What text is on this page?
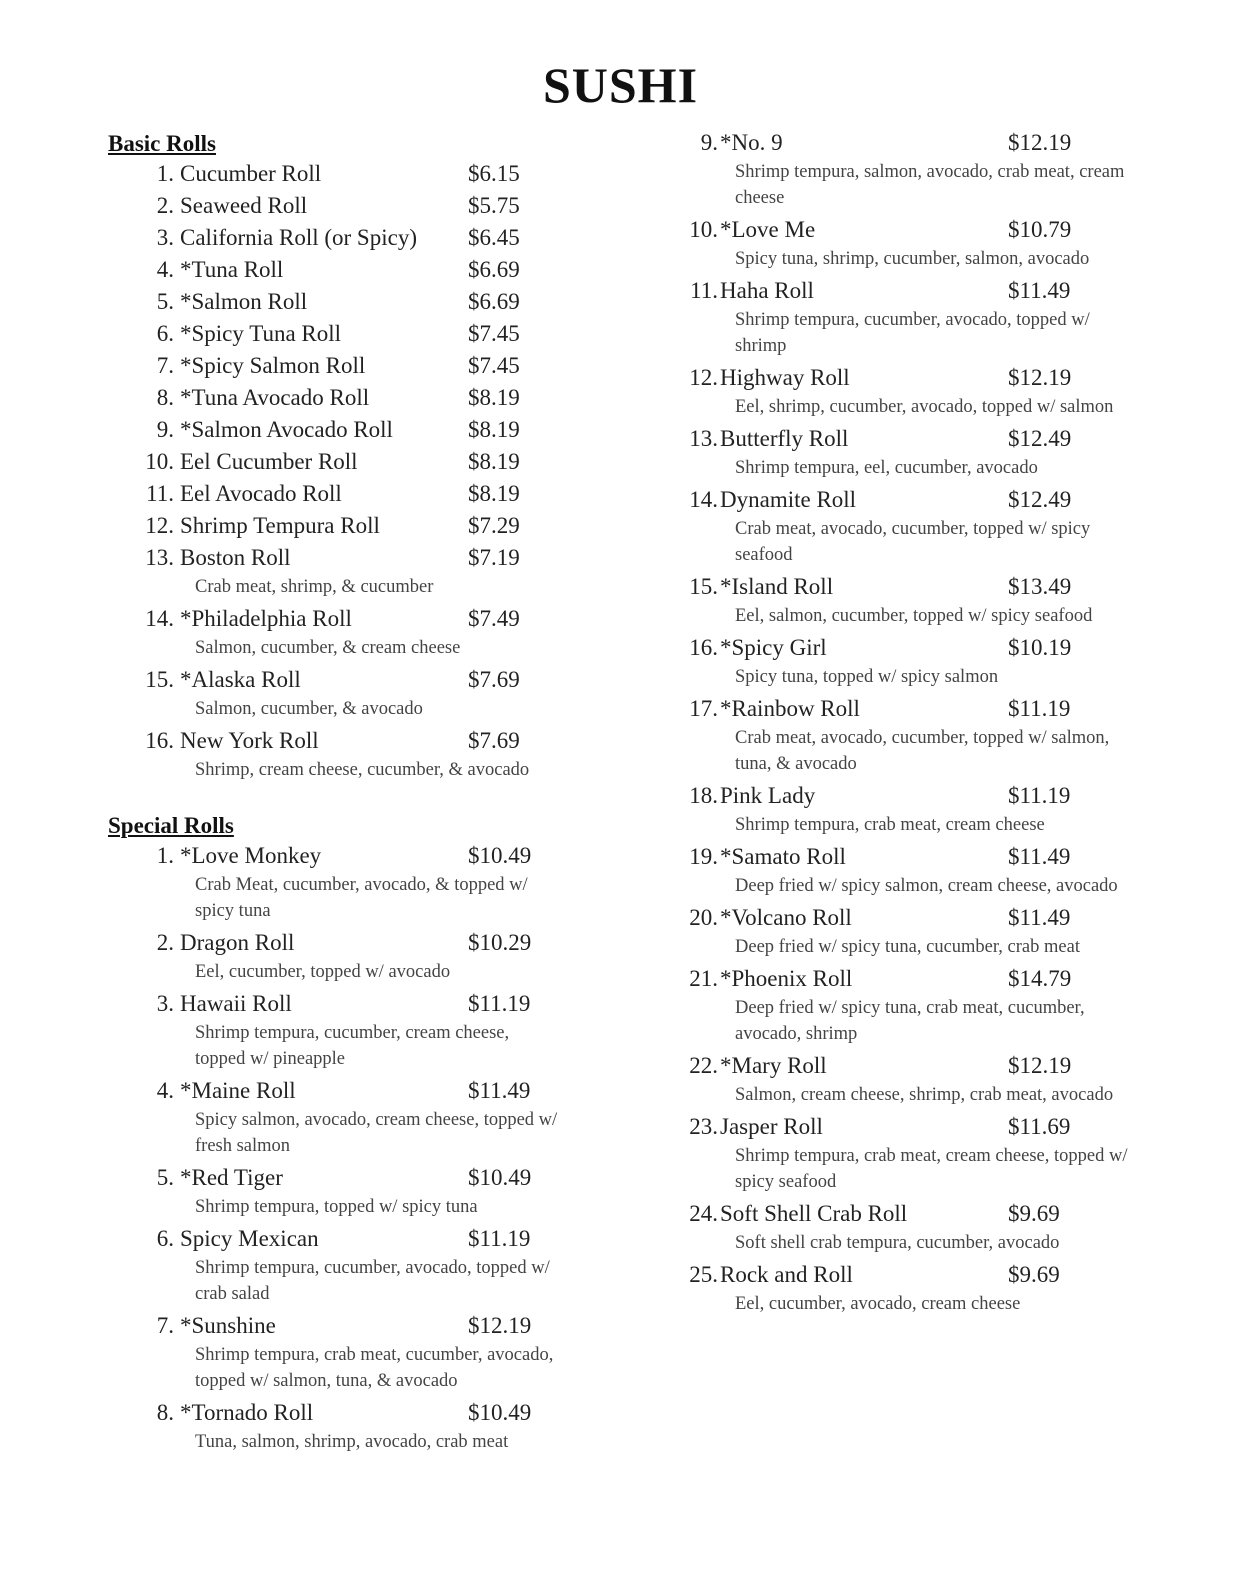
SUSHI
Basic Rolls
1. Cucumber Roll	$6.15
2. Seaweed Roll	$5.75
3. California Roll (or Spicy) $6.45
4. *Tuna Roll	$6.69
5. *Salmon Roll	$6.69
6. *Spicy Tuna Roll	$7.45
7. *Spicy Salmon Roll	$7.45
8. *Tuna Avocado Roll	$8.19
9. *Salmon Avocado Roll	$8.19
10. Eel Cucumber Roll	$8.19
11. Eel Avocado Roll	$8.19
12. Shrimp Tempura Roll	$7.29
13. Boston Roll	$7.19
Crab meat, shrimp, & cucumber
14. *Philadelphia Roll	$7.49
Salmon, cucumber, & cream cheese
15. *Alaska Roll	$7.69
Salmon, cucumber, & avocado
16. New York Roll	$7.69
Shrimp, cream cheese, cucumber, & avocado
Special Rolls
1. *Love Monkey	$10.49
Crab Meat, cucumber, avocado, & topped w/ spicy tuna
2. Dragon Roll	$10.29
Eel, cucumber, topped w/ avocado
3. Hawaii Roll	$11.19
Shrimp tempura, cucumber, cream cheese, topped w/ pineapple
4. *Maine Roll	$11.49
Spicy salmon, avocado, cream cheese, topped w/ fresh salmon
5. *Red Tiger	$10.49
Shrimp tempura, topped w/ spicy tuna
6. Spicy Mexican	$11.19
Shrimp tempura, cucumber, avocado, topped w/ crab salad
7. *Sunshine	$12.19
Shrimp tempura, crab meat, cucumber, avocado, topped w/ salmon, tuna, & avocado
8. *Tornado Roll	$10.49
Tuna, salmon, shrimp, avocado, crab meat
9. *No. 9	$12.19
Shrimp tempura, salmon, avocado, crab meat, cream cheese
10. *Love Me	$10.79
Spicy tuna, shrimp, cucumber, salmon, avocado
11. Haha Roll	$11.49
Shrimp tempura, cucumber, avocado, topped w/ shrimp
12. Highway Roll	$12.19
Eel, shrimp, cucumber, avocado, topped w/ salmon
13. Butterfly Roll	$12.49
Shrimp tempura, eel, cucumber, avocado
14. Dynamite Roll	$12.49
Crab meat, avocado, cucumber, topped w/ spicy seafood
15. *Island Roll	$13.49
Eel, salmon, cucumber, topped w/ spicy seafood
16. *Spicy Girl	$10.19
Spicy tuna, topped w/ spicy salmon
17. *Rainbow Roll	$11.19
Crab meat, avocado, cucumber, topped w/ salmon, tuna, & avocado
18. Pink Lady	$11.19
Shrimp tempura, crab meat, cream cheese
19. *Samato Roll	$11.49
Deep fried w/ spicy salmon, cream cheese, avocado
20. *Volcano Roll	$11.49
Deep fried w/ spicy tuna, cucumber, crab meat
21. *Phoenix Roll	$14.79
Deep fried w/ spicy tuna, crab meat, cucumber, avocado, shrimp
22. *Mary Roll	$12.19
Salmon, cream cheese, shrimp, crab meat, avocado
23. Jasper Roll	$11.69
Shrimp tempura, crab meat, cream cheese, topped w/ spicy seafood
24. Soft Shell Crab Roll	$9.69
Soft shell crab tempura, cucumber, avocado
25. Rock and Roll	$9.69
Eel, cucumber, avocado, cream cheese
